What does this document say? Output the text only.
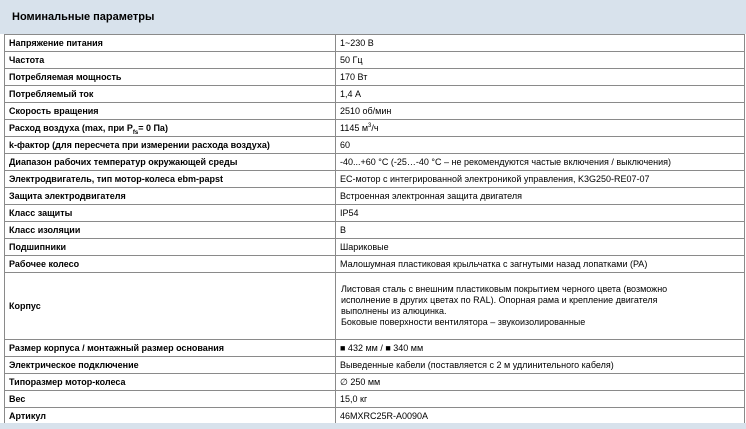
Номинальные параметры
Напряжение питания	1~230 В
Частота	50 Гц
Потребляемая мощность	170 Вт
Потребляемый ток	1,4 А
Скорость вращения	2510 об/мин
Расход воздуха (max, при $P_{fs}= 0$ Па)	1145 $м^3/ч$
k-фактор (для пересчета при измерении расхода воздуха)	60
Диапазон рабочих температур окружающей среды	-40...+60 °C (-25…-40 °C – не рекомендуются частые включения / выключения)
Электродвигатель, тип мотор-колеса ebm-papst	ЕС-мотор с интегрированной электроникой управления, K3G250-RE07-07
Защита электродвигателя	Встроенная электронная защита двигателя
Класс защиты	IP54
Класс изоляции	B
Подшипники	Шариковые
Рабочее колесо	Малошумная пластиковая крыльчатка с загнутыми назад лопатками (PA)
Корпус	Листовая сталь с внешним пластиковым покрытием черного цвета (возможно
исполнение в других цветах по RAL). Опорная рама и крепление двигателя
выполнены из алюцинка.
Боковые поверхности вентилятора – звукоизолированные

Размер корпуса / монтажный размер основания	■ 432 мм / ■ 340 мм
Электрическое подключение	Выведенные кабели (поставляется с 2 м удлинительного кабеля)
Типоразмер мотор-колеса	∅ 250 мм
Вес	15,0 кг
Артикул	46MXRC25R-A0090A
